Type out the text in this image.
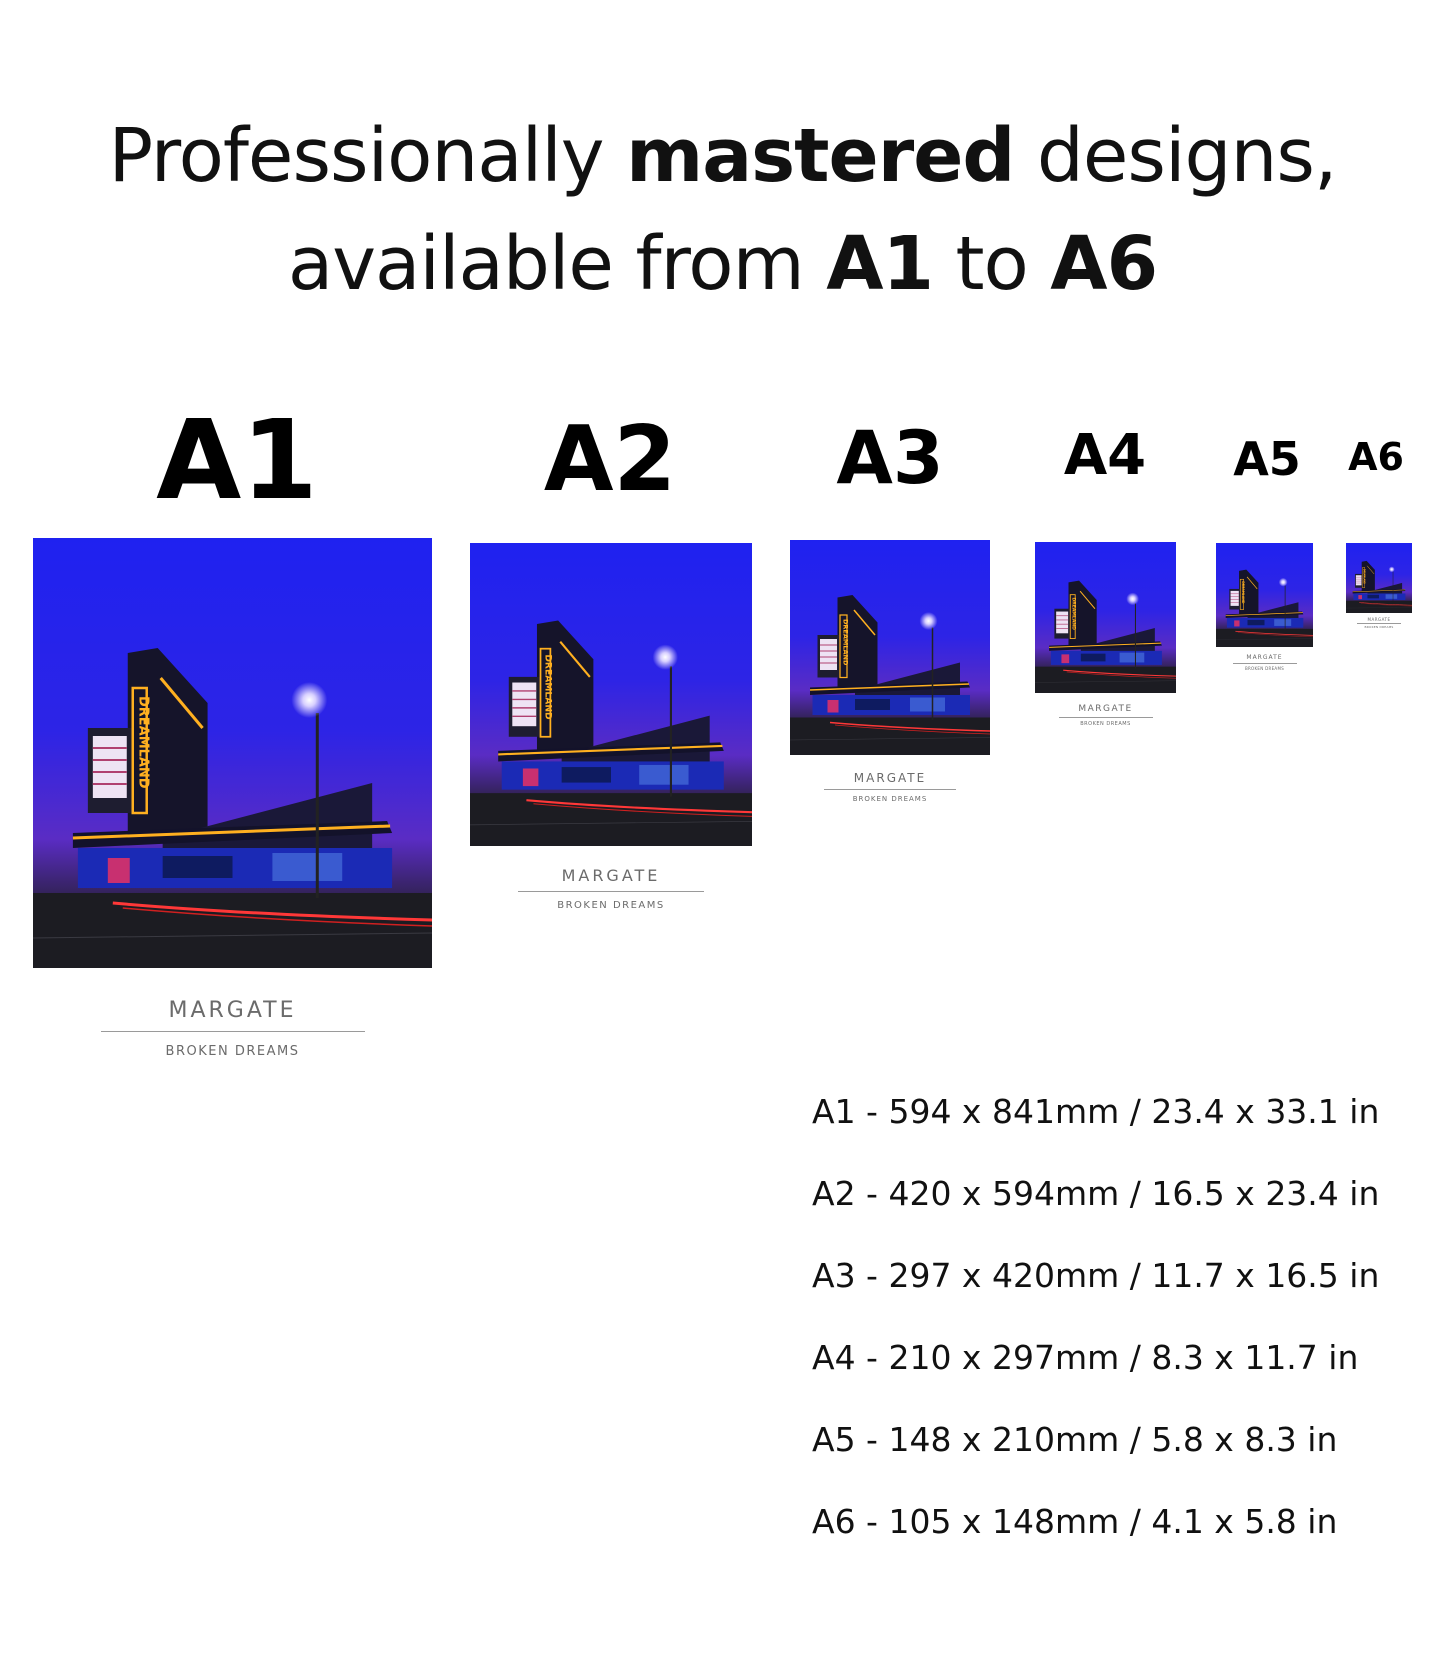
Professionally mastered designs,
available from A1 to A6
A1	A2	A3	A4	A5 A6
DREAMLAND
MARGATE
BROKEN DREAMS
DREAMLAND
MARGATE
BROKEN DREAMS
DREAMLAND
MARGATE
BROKEN DREAMS
DREAMLAND
MARGATE
BROKEN DREAMS
DREAMLAND
MARGATE
BROKEN DREAMS
DREAMLAND
MARGATE
BROKEN DREAMS
A1 - 594 x 841mm / 23.4 x 33.1 in
A2 - 420 x 594mm / 16.5 x 23.4 in
A3 - 297 x 420mm / 11.7 x 16.5 in
A4 - 210 x 297mm / 8.3 x 11.7 in
A5 - 148 x 210mm / 5.8 x 8.3 in
A6 - 105 x 148mm / 4.1 x 5.8 in
